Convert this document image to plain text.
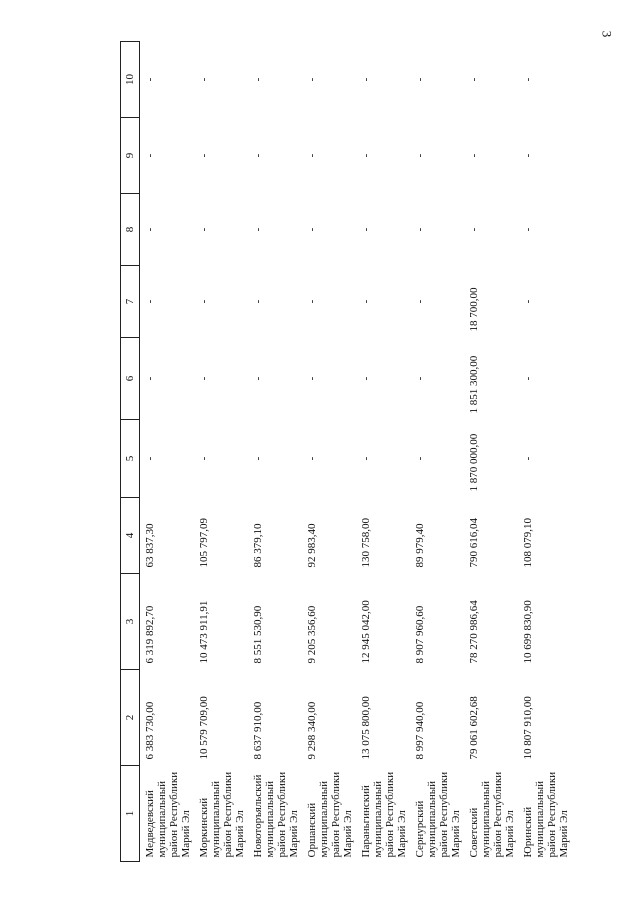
3
1	2	3	4	5	6	7	8	9	10

Медведевский муниципальный район Республики Марий Эл	6 383 730,00	6 319 892,70	63 837,30	-	-	-	-	-	-

Моркинский муниципальный район Республики Марий Эл	10 579 709,00	10 473 911,91	105 797,09	-	-	-	-	-	-

Новоторъяльский муниципальный район Республики Марий Эл	8 637 910,00	8 551 530,90	86 379,10	-	-	-	-	-	-

Оршанский муниципальный район Республики Марий Эл	9 298 340,00	9 205 356,60	92 983,40	-	-	-	-	-	-

Параньгинский муниципальный район Республики Марий Эл	13 075 800,00	12 945 042,00	130 758,00	-	-	-	-	-	-

Сернурский муниципальный район Республики Марий Эл	8 997 940,00	8 907 960,60	89 979,40	-	-	-	-	-	-

Советский муниципальный район Республики Марий Эл	79 061 602,68	78 270 986,64	790 616,04	1 870 000,00	1 851 300,00	18 700,00	-	-	-

Юринский муниципальный район Республики Марий Эл	10 807 910,00	10 699 830,90	108 079,10	-	-	-	-	-	-
